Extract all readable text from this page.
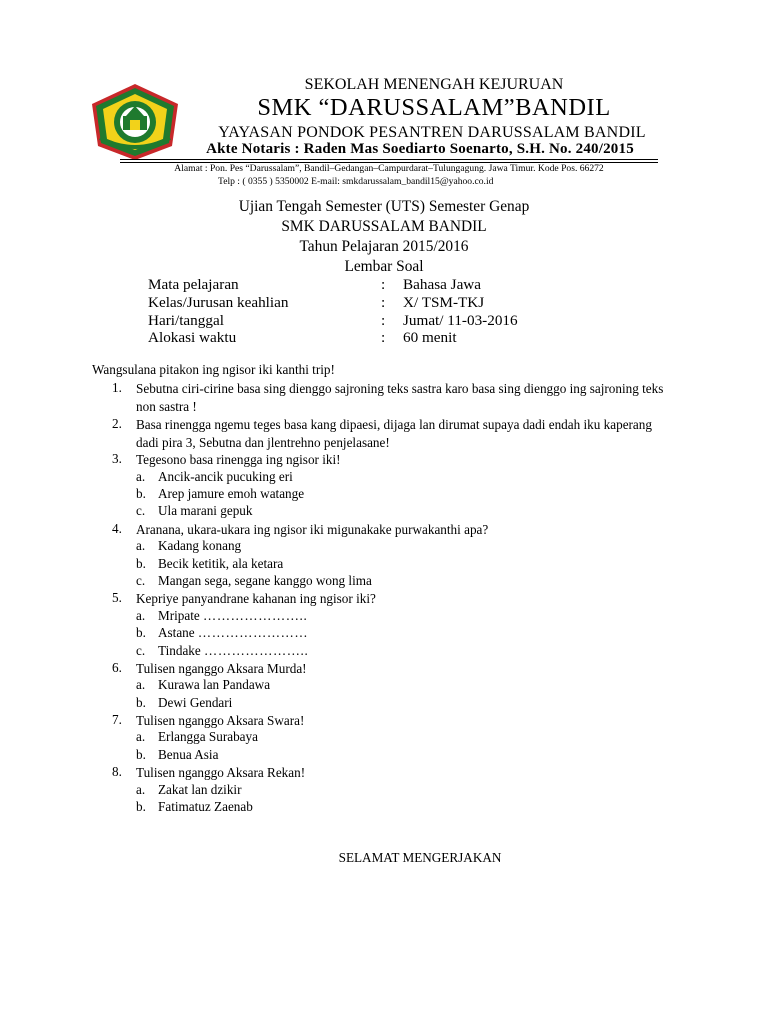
SEKOLAH MENENGAH KEJURUAN
SMK “DARUSSALAM”BANDIL
YAYASAN PONDOK PESANTREN DARUSSALAM BANDIL
Akte Notaris : Raden Mas Soediarto Soenarto, S.H. No. 240/2015
Alamat : Pon. Pes “Darussalam”, Bandil–Gedangan–Campurdarat–Tulungagung. Jawa Timur. Kode Pos. 66272
Telp : ( 0355 ) 5350002 E-mail: smkdarussalam_bandil15@yahoo.co.id
Ujian Tengah Semester (UTS) Semester Genap
SMK DARUSSALAM BANDIL
Tahun Pelajaran 2015/2016
Lembar Soal
Mata pelajaran	: Bahasa Jawa
Kelas/Jurusan keahlian	: X/ TSM-TKJ
Hari/tanggal	: Jumat/ 11-03-2016
Alokasi waktu	: 60 menit
Wangsulana pitakon ing ngisor iki kanthi trip!
1. Sebutna ciri-cirine basa sing dienggo sajroning teks sastra karo basa sing dienggo ing sajroning teks non sastra !
2. Basa rinengga ngemu teges basa kang dipaesi, dijaga lan dirumat supaya dadi endah iku kaperang dadi pira 3, Sebutna dan jlentrehno penjelasane!
3. Tegesono basa rinengga ing ngisor iki!
a. Ancik-ancik pucuking eri
b. Arep jamure emoh watange
c. Ula marani gepuk
4. Aranana, ukara-ukara ing ngisor iki migunakake purwakanthi apa?
a. Kadang konang
b. Becik ketitik, ala ketara
c. Mangan sega, segane kanggo wong lima
5. Kepriye panyandrane kahanan ing ngisor iki?
a. Mripate …………………..
b. Astane ……………………
c. Tindake …………………..
6. Tulisen nganggo Aksara Murda!
a. Kurawa lan Pandawa
b. Dewi Gendari
7. Tulisen nganggo Aksara Swara!
a. Erlangga Surabaya
b. Benua Asia
8. Tulisen nganggo Aksara Rekan!
a. Zakat lan dzikir
b. Fatimatuz Zaenab
SELAMAT MENGERJAKAN
